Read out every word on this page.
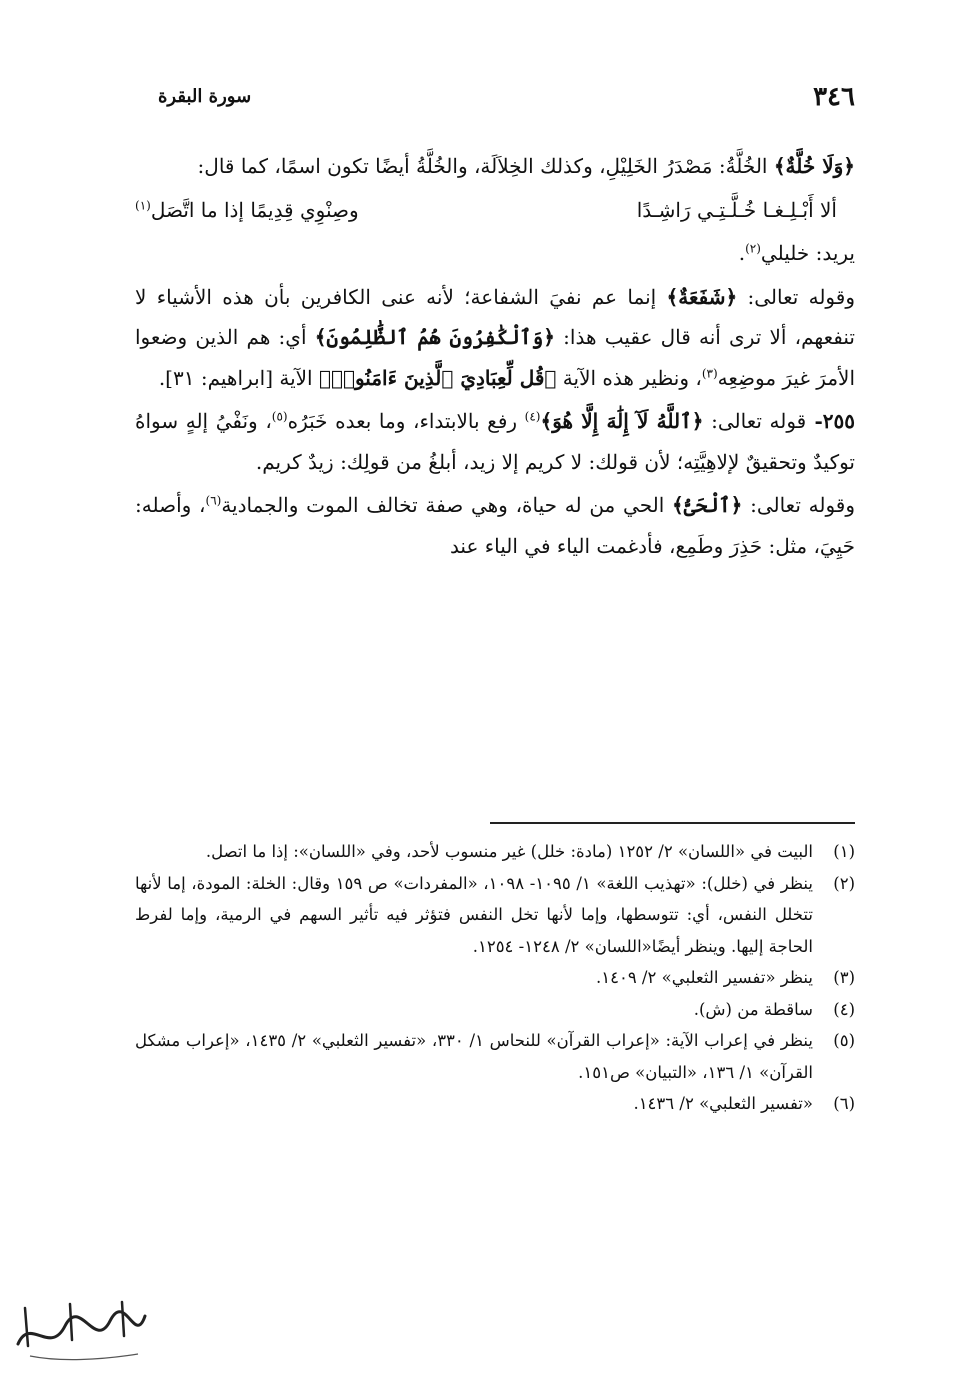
٣٤٦
سورة البقرة

﴿وَلَا خُلَّةٌ﴾ الخُلَّةُ: مَصْدَرُ الخَلِيْلِ، وكذلك الخِلاَلَة، والخُلَّةُ أيضًا تكون اسمًا، كما قال:

ألا أَبْـلِـغـا خُـلَّـتِـي رَاشِـدًا
وصِنْوِي قِدِيمًا إذا ما اتَّصَل$^{(١)}$

يريد: خليلي$^{(٢)}$.

وقوله تعالى: ﴿شَفَعَةٌ﴾ إنما عم نفيَ الشفاعة؛ لأنه عنى الكافرين بأن هذه الأشياء لا تنفعهم، ألا ترى أنه قال عقيب هذا: ﴿وَٱلْكَٰفِرُونَ هُمُ ٱلظَّٰلِمُونَ﴾ أي: هم الذين وضعوا الأمرَ غيرَ موضِعِه$^{(٣)}$، ونظير هذه الآية ﴿قُل لِّعِبَادِيَ ٱلَّذِينَ ءَامَنُوا۟﴾ الآية [ابراهيم: ٣١].

٢٥٥- قوله تعالى: ﴿ٱللَّهُ لَآ إِلَٰهَ إِلَّا هُوَ﴾$^{(٤)}$ رفع بالابتداء، وما بعده خَبَرُه$^{(٥)}$، ونَفْيُ إلهٍ سواهُ توكيدٌ وتحقيقٌ لإلاهِيَّتِه؛ لأن قولك: لا كريم إلا زيد، أبلغُ من قولِك: زيدٌ كريم.

وقوله تعالى: ﴿ٱلْحَىُّ﴾ الحي من له حياة، وهي صفة تخالف الموت والجمادية$^{(٦)}$، وأصله: حَيِيَ، مثل: حَذِرَ وطَمِع، فأدغمت الياء في الياء عند

(١)
البيت في «اللسان» ٢/ ١٢٥٢ (مادة: خلل) غير منسوب لأحد، وفي «اللسان»: إذا ما اتصل.
(٢)
ينظر في (خلل): «تهذيب اللغة» ١/ ١٠٩٥- ١٠٩٨، «المفردات» ص ١٥٩ وقال: الخلة: المودة، إما لأنها تتخلل النفس، أي: تتوسطها، وإما لأنها تخل النفس فتؤثر فيه تأثير السهم في الرمية، وإما لفرط الحاجة إليها. وينظر أيضًا«اللسان» ٢/ ١٢٤٨- ١٢٥٤.
(٣)
ينظر «تفسير الثعلبي» ٢/ ١٤٠٩.
(٤)
ساقطة من (ش).
(٥)
ينظر في إعراب الآية: «إعراب القرآن» للنحاس ١/ ٣٣٠، «تفسير الثعلبي» ٢/ ١٤٣٥، «إعراب مشكل القرآن» ١/ ١٣٦، «التبيان» ص١٥١.
(٦)
«تفسير الثعلبي» ٢/ ١٤٣٦.
